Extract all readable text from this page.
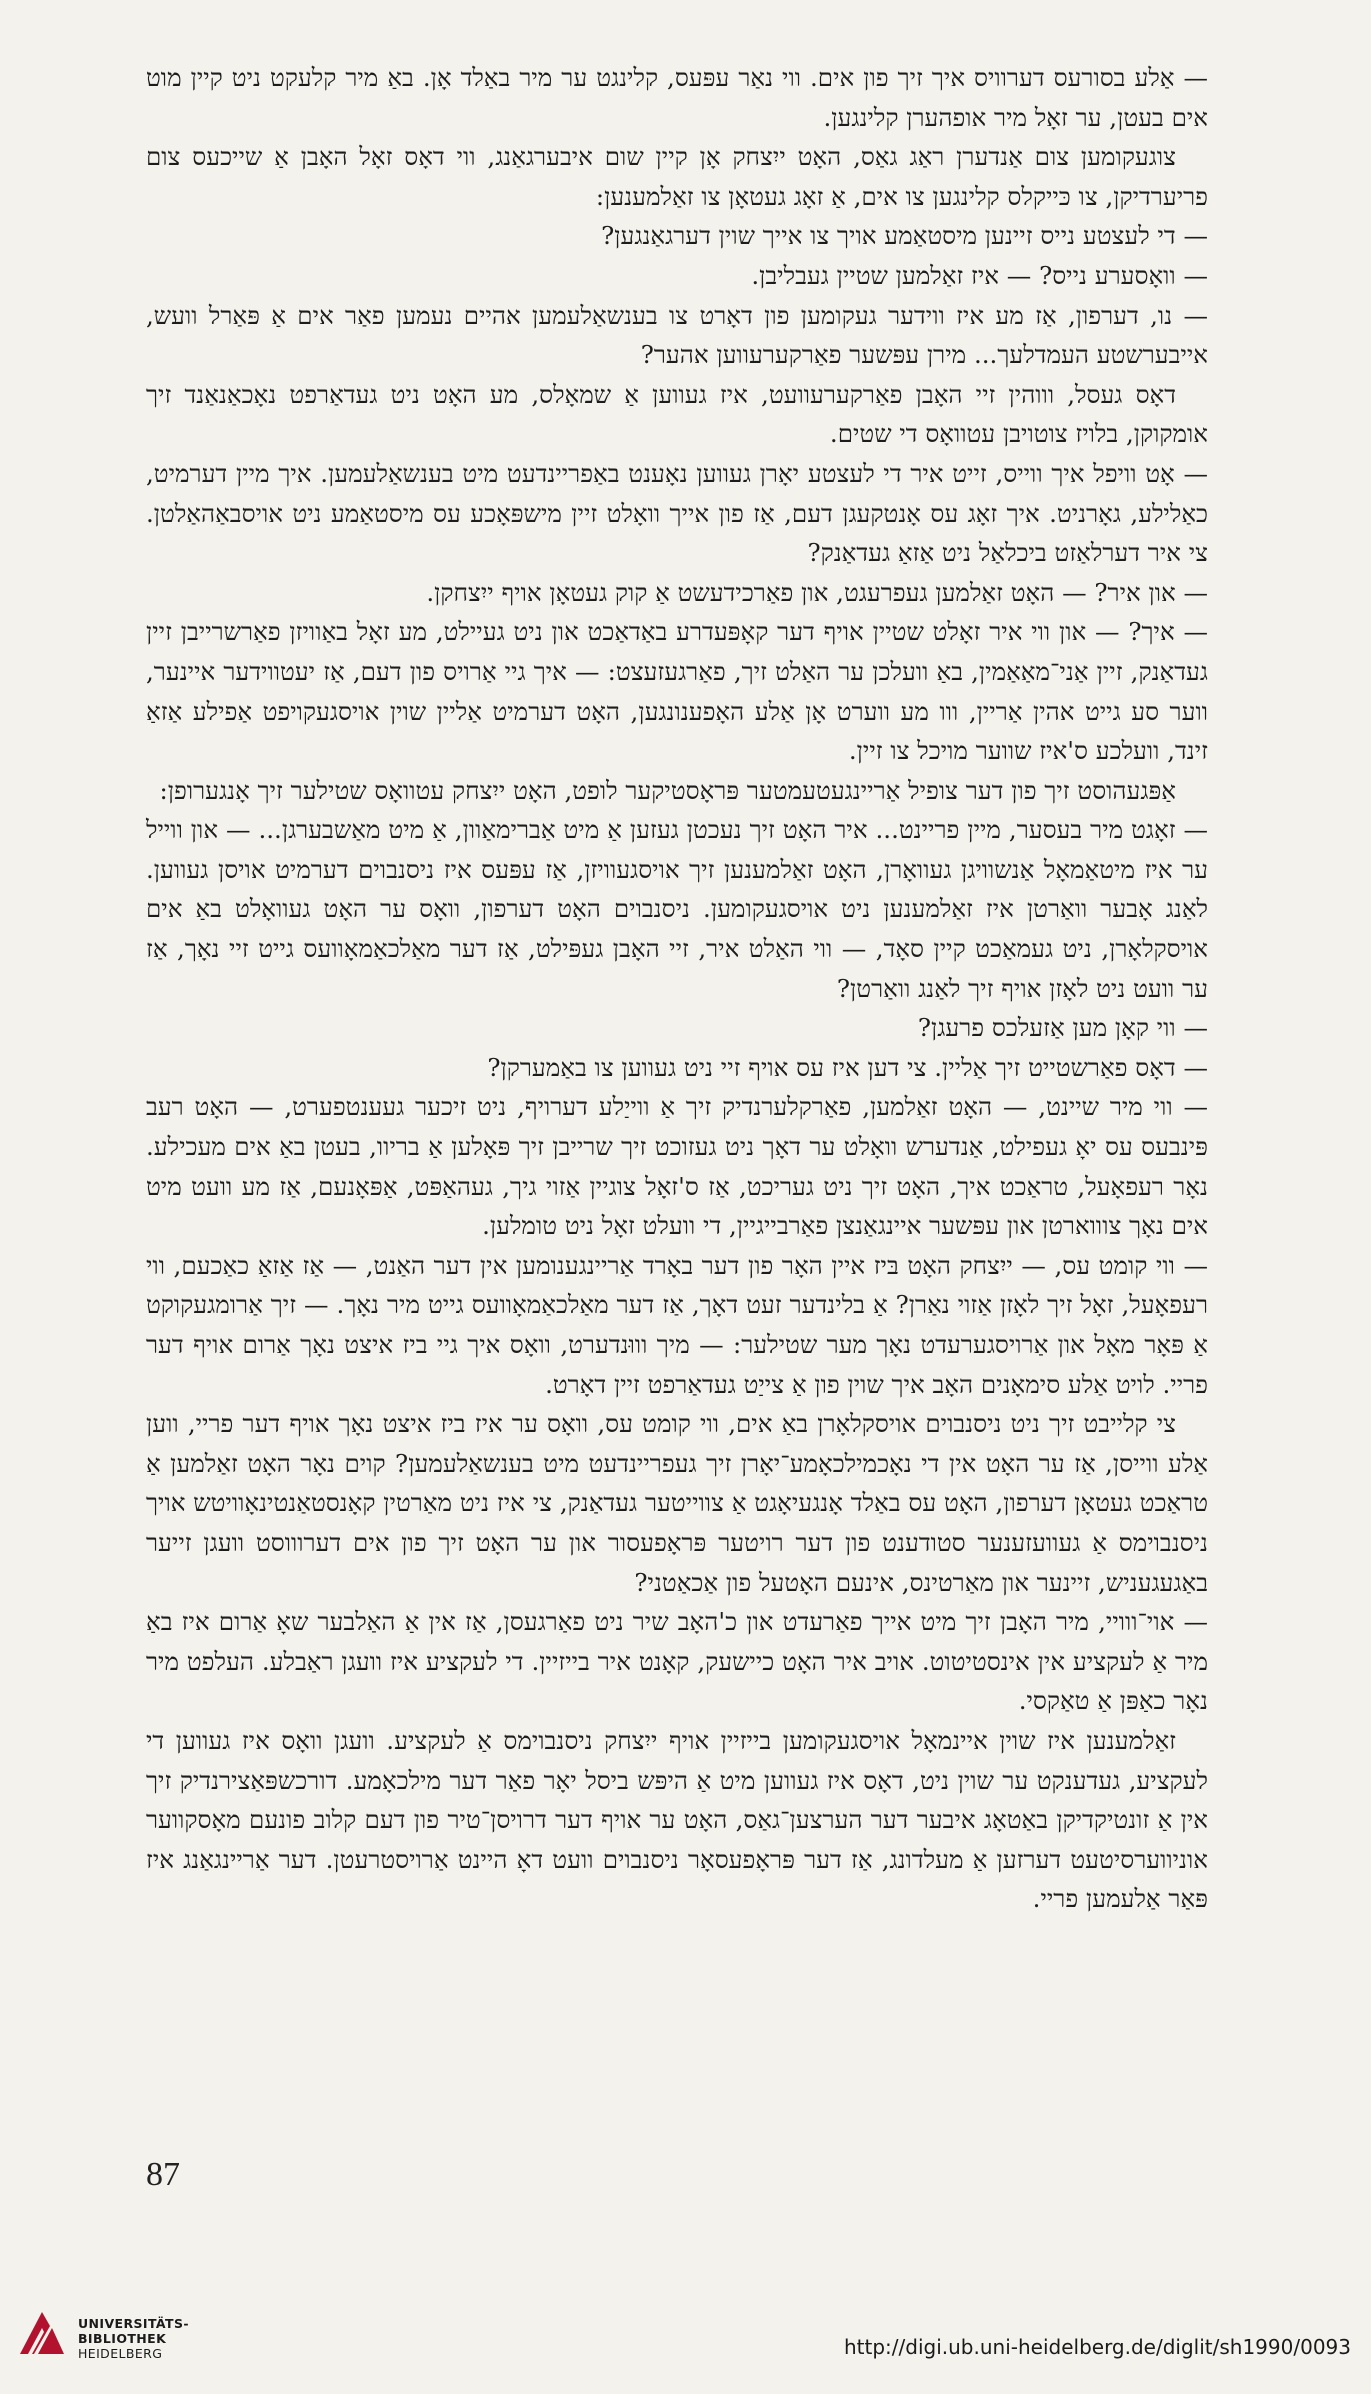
— אַלע בסורעס דערוויס איך זיך פון אים. ווי נאַר עפּעס, קלינגט ער מיר באַלד אָן. באַ מיר קלעקט ניט קיין מוט אים בעטן, ער זאָל מיר אופהערן קלינגען.

צוגעקומען צום אַנדערן ראַג גאַס, האָט ייִצחק אָן קיין שום איבערגאַנג, ווי דאָס זאָל האָבן אַ שייכעס צום פריערדיקן, צו כּייקלס קלינגען צו אים, אַ זאָג געטאָן צו זאַלמענען:

— די לעצטע נייס זיינען מיסטאַמע אויך צו אייך שוין דערגאַנגען?

— וואָסערע נייס? — איז זאַלמען שטיין געבליבן.

— נו, דערפון, אַז מע איז ווידער געקומען פון דאָרט צו בענשאַלעמען אהיים נעמען פאַר אים אַ פּאַרל וועש, אייבערשטע העמדלעך... מירן עפּשער פאַרקערעווען אהער?

דאָס געסל, וווהין זיי האָבן פאַרקערעוועט, איז געווען אַ שמאָלס, מע האָט ניט געדאַרפט נאָכאַנאַנד זיך אומקוקן, בלויז צוטויבן עטוואָס די שטים.

— אָט וויפל איך ווייס, זייט איר די לעצטע יאָרן געווען נאָענט באַפריינדעט מיט בענשאַלעמען. איך מיין דערמיט, כאַלילע, גאָרניט. איך זאָג עס אָנטקעגן דעם, אַז פון אייך וואָלט זיין מישפּאָכע עס מיסטאַמע ניט אויסבאַהאַלטן. צי איר דערלאַזט ביכלאַל ניט אַזאַ געדאַנק?

— און איר? — האָט זאַלמען געפרעגט, און פאַרכידעשט אַ קוק געטאָן אויף ייִצחקן.

— איך? — און ווי איר זאָלט שטיין אויף דער קאָפּעדרע באַדאַכט און ניט געיילט, מע זאָל באַוויזן פאַרשרייבן זיין געדאַנק, זיין אַני־מאַאַמין, באַ וועלכן ער האַלט זיך, פאַרגעזעצט: — איך גיי אַרויס פון דעם, אַז יעטווידער איינער, ווער סע גייט אהין אַריין, ווו מע ווערט אָן אַלע האָפענונגען, האָט דערמיט אַליין שוין אויסגעקויפט אַפילע אַזאַ זינד, וועלכע ס'איז שווער מויכל צו זיין.

אַפּגעהוסט זיך פון דער צופיל אַריינגעטעמטער פּראָסטיקער לופט, האָט ייִצחק עטוואָס שטילער זיך אָנגערופן:

— זאָגט מיר בעסער, מיין פריינט... איר האָט זיך נעכטן געזען אַ מיט אַברימאַוון, אַ מיט מאַשבערגן... — און ווייל ער איז מיטאַמאָל אַנשוויגן געוואָרן, האָט זאַלמענען זיך אויסגעוויזן, אַז עפּעס איז ניסנבוים דערמיט אויסן געווען. לאַנג אָבער וואַרטן איז זאַלמענען ניט אויסגעקומען. ניסנבוים האָט דערפון, וואָס ער האָט געוואָלט באַ אים אויסקלאָרן, ניט געמאַכט קיין סאָד, — ווי האַלט איר, זיי האָבן געפּילט, אַז דער מאַלכאַמאָוועס גייט זיי נאָך, אַז ער וועט ניט לאָזן אויף זיך לאַנג וואַרטן?

— ווי קאָן מען אַזעלכס פרעגן?

— דאָס פאַרשטייט זיך אַליין. צי דען איז עס אויף זיי ניט געווען צו באַמערקן?

— ווי מיר שיינט, — האָט זאַלמען, פאַרקלערנדיק זיך אַ ווייַלע דערויף, ניט זיכער געענטפערט, — האָט רעב פּינבעס עס יאָ געפילט, אַנדערש וואָלט ער דאָך ניט געזוכט זיך שרייבן זיך פּאָלען אַ בריוו, בעטן באַ אים מעכילע. נאָר רעפאָעל, טראַכט איך, האָט זיך ניט געריכט, אַז ס'זאָל צוגיין אַזוי גיך, געהאַפּט, אַפּאָנעם, אַז מע וועט מיט אים נאָך צוווארטן און עפּשער איינגאַנצן פאַרבייגיין, די וועלט זאָל ניט טומלען.

— ווי קומט עס, — ייִצחק האָט בּיז איין האָר פון דער באָרד אַריינגענומען אין דער האַנט, — אַז אַזאַ כאַכעם, ווי רעפאָעל, זאָל זיך לאָזן אַזוי נאַרן? אַ בלינדער זעט דאָך, אַז דער מאַלכאַמאָוועס גייט מיר נאָך. — זיך אַרומגעקוקט אַ פּאָר מאָל און אַרויסגערעדט נאָך מער שטילער: — מיך וווּנדערט, וואָס איך גיי ביז איצט נאָך אַרום אויף דער פריי. לויט אַלע סימאָנים האָב איך שוין פון אַ צייַט געדאַרפט זיין דאָרט.

צי קלייבט זיך ניט ניסנבוים אויסקלאָרן באַ אים, ווי קומט עס, וואָס ער איז ביז איצט נאָך אויף דער פריי, ווען אַלע ווייסן, אַז ער האָט אין די נאָכמילכאָמע־יאָרן זיך געפריינדעט מיט בענשאַלעמען? קוים נאָר האָט זאַלמען אַ טראַכט געטאָן דערפון, האָט עס באַלד אָנגעיאָגט אַ צווייטער געדאַנק, צי איז ניט מאַרטין קאָנסטאַנטינאָוויטש אויך ניסנבוימס אַ געוועזענער סטודענט פון דער רויטער פּראָפעסור און ער האָט זיך פון אים דערוווסט וועגן זייער באַגעגעניש, זיינער און מאַרטינס, אינעם האָטעל פון אַכאַטני?

— אוי־ווויי, מיר האָבן זיך מיט אייך פאַרעדט און כ'האָב שיר ניט פאַרגעסן, אַז אין אַ האַלבער שאָ אַרום איז באַ מיר אַ לעקציע אין אינסטיטוט. אויב איר האָט כיישעק, קאָנט איר בייזיין. די לעקציע איז וועגן ראַבלע. העלפט מיר נאָר כאַפּן אַ טאַקסי.

זאַלמענען איז שוין איינמאָל אויסגעקומען בייזיין אויף ייִצחק ניסנבוימס אַ לעקציע. וועגן וואָס איז געווען די לעקציע, געדענקט ער שוין ניט, דאָס איז געווען מיט אַ היפּש ביסל יאָר פאַר דער מילכאָמע. דורכשפּאַצירנדיק זיך אין אַ זונטיקדיקן באַטאָג איבער דער הערצען־גאַס, האָט ער אויף דער דרויסן־טיר פון דעם קלוב פונעם מאָסקווער אוניווערסיטעט דערזען אַ מעלדונג, אַז דער פּראָפעסאָר ניסנבוים וועט דאָ היינט אַרויסטרעטן. דער אַריינגאַנג איז פּאַר אַלעמען פריי.

87
UNIVERSITÄTS-
BIBLIOTHEK
HEIDELBERG	http://digi.ub.uni-heidelberg.de/diglit/sh1990/0093
